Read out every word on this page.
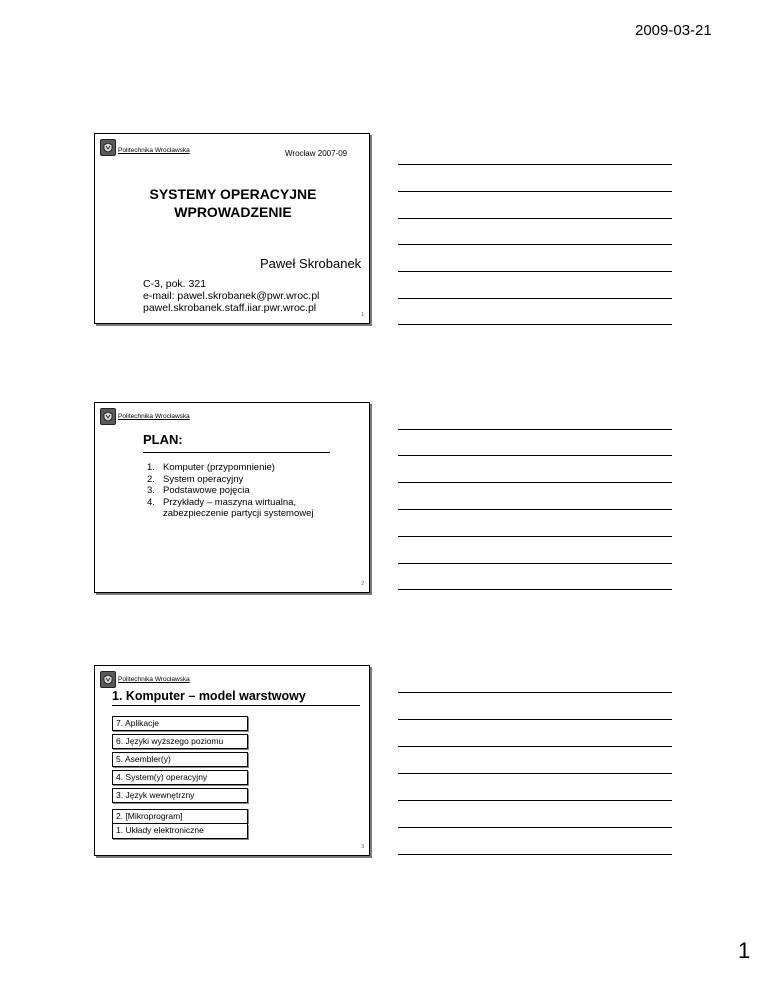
2009-03-21
Politechnika Wrocławska	Wrocław 2007-09
SYSTEMY OPERACYJNE
WPROWADZENIE
Paweł Skrobanek
C-3, pok. 321
e-mail: pawel.skrobanek@pwr.wroc.pl
pawel.skrobanek.staff.iiar.pwr.wroc.pl
1
Politechnika Wrocławska
PLAN:
1. Komputer (przypomnienie)
2. System operacyjny
3. Podstawowe pojęcia
4. Przykłady – maszyna wirtualna, zabezpieczenie partycji systemowej
2
Politechnika Wrocławska
1. Komputer – model warstwowy
7. Aplikacje
6. Języki wyższego poziomu
5. Asembler(y)
4. System(y) operacyjny
3. Język wewnętrzny
2. [Mikroprogram]
1. Układy elektroniczne
3
1
